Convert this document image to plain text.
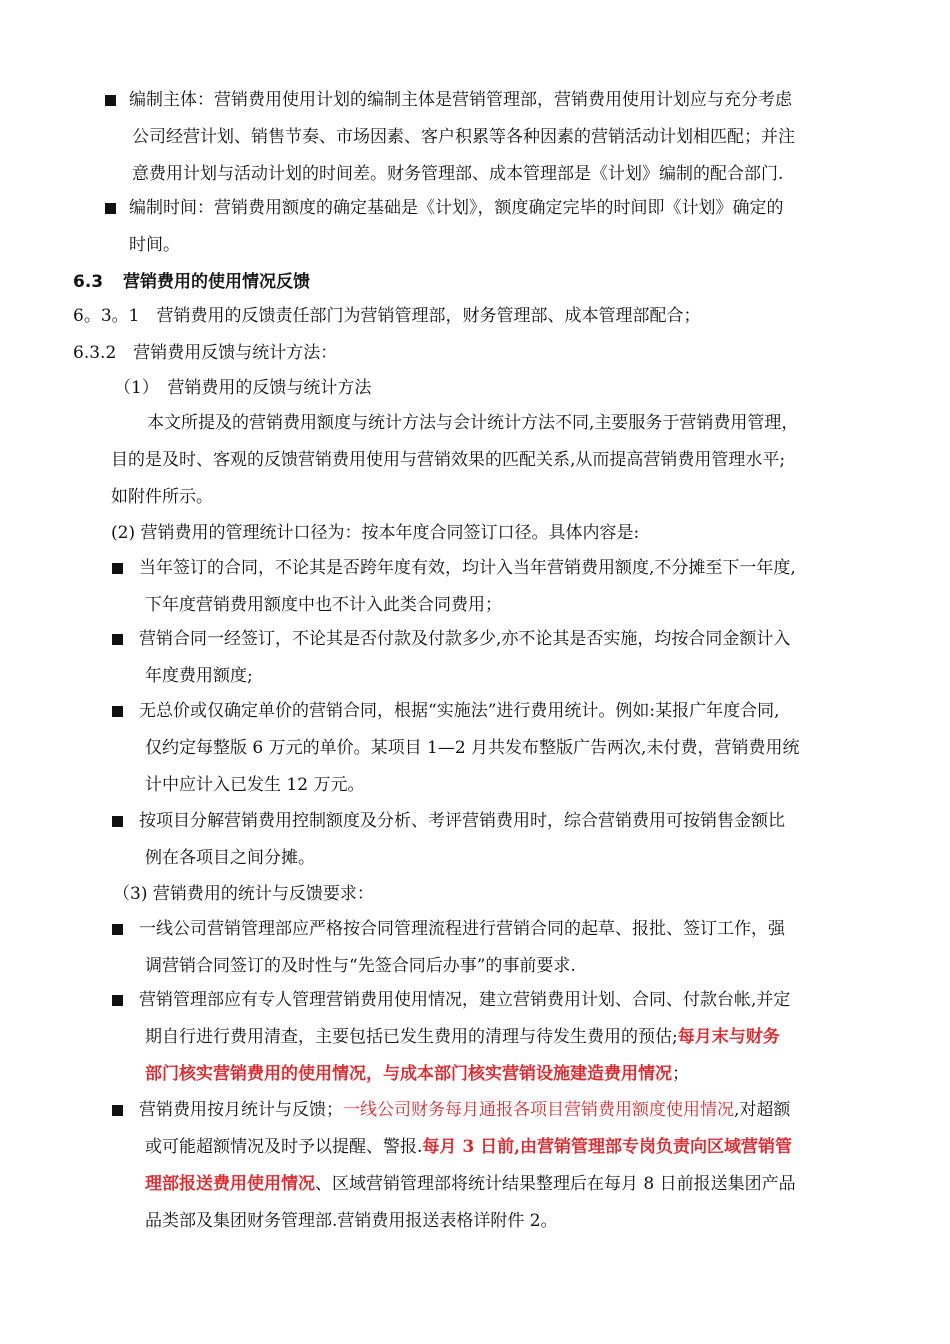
编制主体：营销费用使用计划的编制主体是营销管理部，营销费用使用计划应与充分考虑
公司经营计划、销售节奏、市场因素、客户积累等各种因素的营销活动计划相匹配；并注
意费用计划与活动计划的时间差。财务管理部、成本管理部是《计划》编制的配合部门.
编制时间：营销费用额度的确定基础是《计划》，额度确定完毕的时间即《计划》确定的
时间。
6.3 营销费用的使用情况反馈
6。3。1　营销费用的反馈责任部门为营销管理部，财务管理部、成本管理部配合；
6.3.2　营销费用反馈与统计方法：
（1）　营销费用的反馈与统计方法
本文所提及的营销费用额度与统计方法与会计统计方法不同,主要服务于营销费用管理，
目的是及时、客观的反馈营销费用使用与营销效果的匹配关系,从而提高营销费用管理水平;
如附件所示。
(2) 营销费用的管理统计口径为：按本年度合同签订口径。具体内容是:
当年签订的合同，不论其是否跨年度有效，均计入当年营销费用额度,不分摊至下一年度,
下年度营销费用额度中也不计入此类合同费用；
营销合同一经签订，不论其是否付款及付款多少,亦不论其是否实施，均按合同金额计入
年度费用额度;
无总价或仅确定单价的营销合同，根据“实施法”进行费用统计。例如:某报广年度合同,
仅约定每整版 6 万元的单价。某项目 1—2 月共发布整版广告两次,未付费，营销费用统
计中应计入已发生 12 万元。
按项目分解营销费用控制额度及分析、考评营销费用时，综合营销费用可按销售金额比
例在各项目之间分摊。
（3) 营销费用的统计与反馈要求：
一线公司营销管理部应严格按合同管理流程进行营销合同的起草、报批、签订工作，强
调营销合同签订的及时性与“先签合同后办事”的事前要求.
营销管理部应有专人管理营销费用使用情况，建立营销费用计划、合同、付款台帐,并定
期自行进行费用清查，主要包括已发生费用的清理与待发生费用的预估;每月末与财务
部门核实营销费用的使用情况，与成本部门核实营销设施建造费用情况；
营销费用按月统计与反馈；一线公司财务每月通报各项目营销费用额度使用情况,对超额
或可能超额情况及时予以提醒、警报.每月 3 日前,由营销管理部专岗负责向区域营销管
理部报送费用使用情况、区域营销管理部将统计结果整理后在每月 8 日前报送集团产品
品类部及集团财务管理部.营销费用报送表格详附件 2。
